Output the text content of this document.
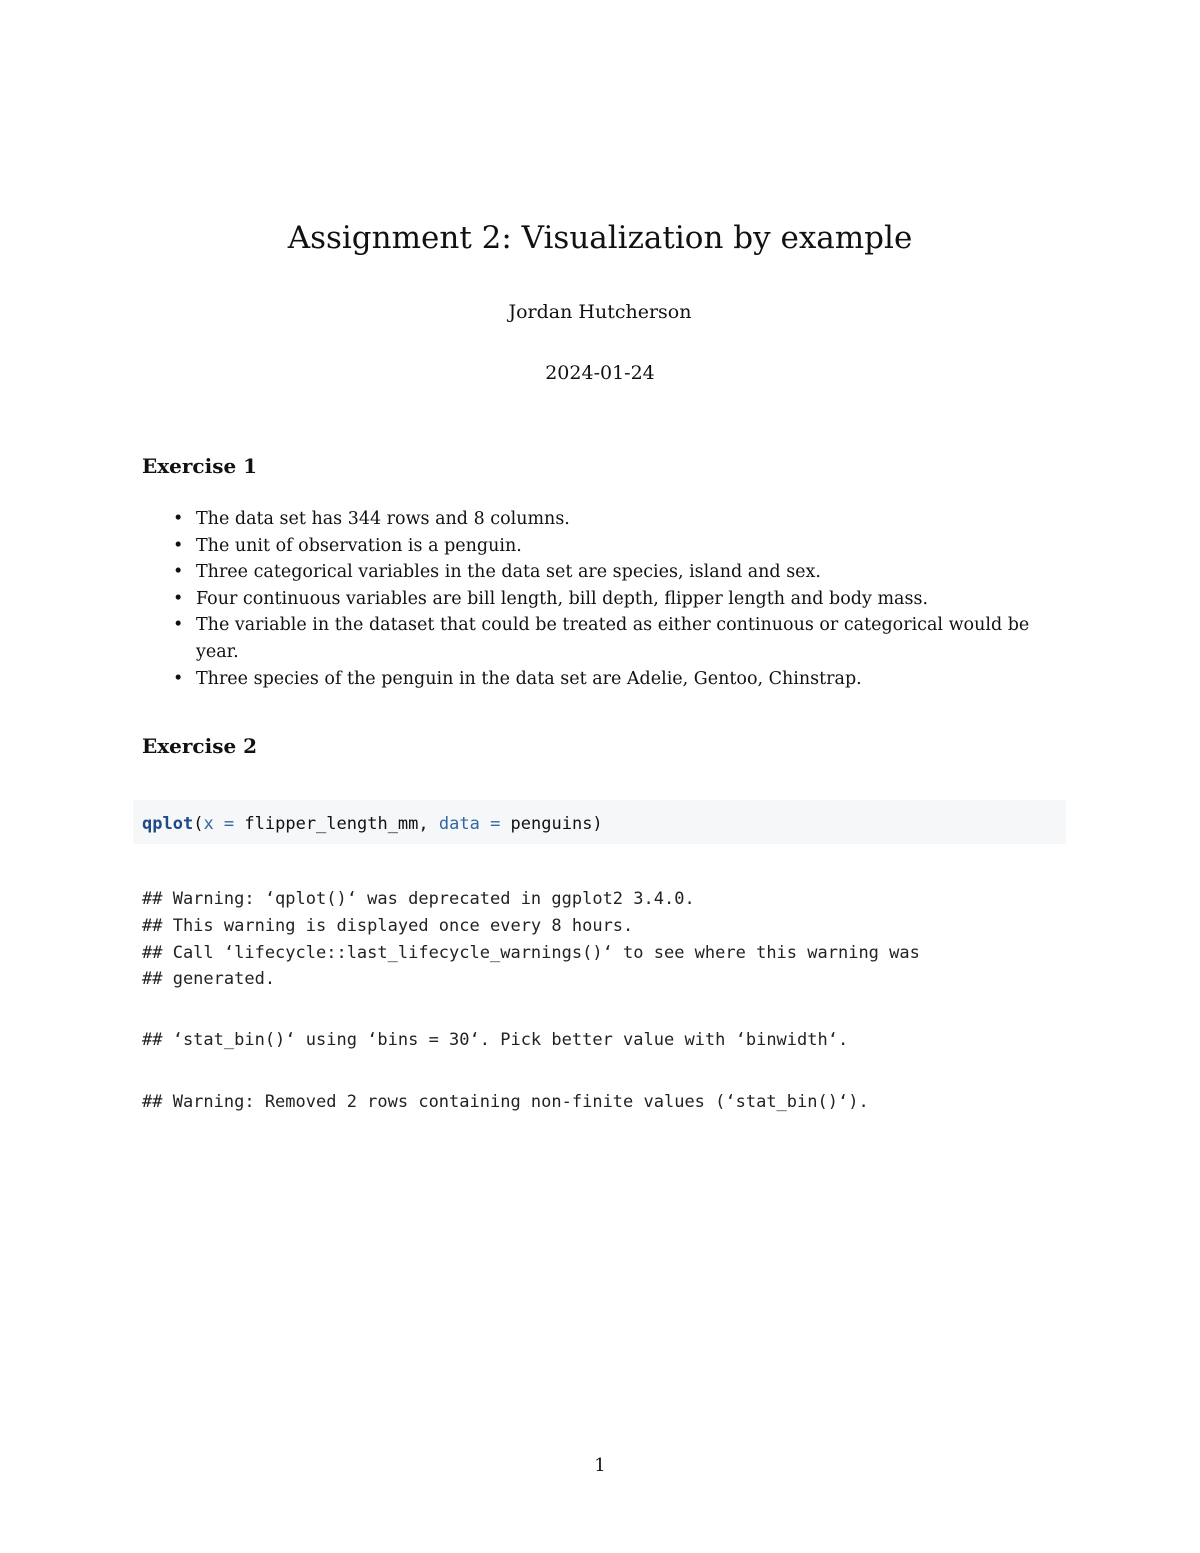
Assignment 2: Visualization by example
Jordan Hutcherson
2024-01-24
Exercise 1
• The data set has 344 rows and 8 columns.
• The unit of observation is a penguin.
• Three categorical variables in the data set are species, island and sex.
• Four continuous variables are bill length, bill depth, flipper length and body mass.
• The variable in the dataset that could be treated as either continuous or categorical would be year.
• Three species of the penguin in the data set are Adelie, Gentoo, Chinstrap.
Exercise 2
qplot(x = flipper_length_mm, data = penguins)
## Warning: ‘qplot()‘ was deprecated in ggplot2 3.4.0.
## This warning is displayed once every 8 hours.
## Call ‘lifecycle::last_lifecycle_warnings()‘ to see where this warning was
## generated.
## ‘stat_bin()‘ using ‘bins = 30‘. Pick better value with ‘binwidth‘.
## Warning: Removed 2 rows containing non-finite values (‘stat_bin()‘).
1
